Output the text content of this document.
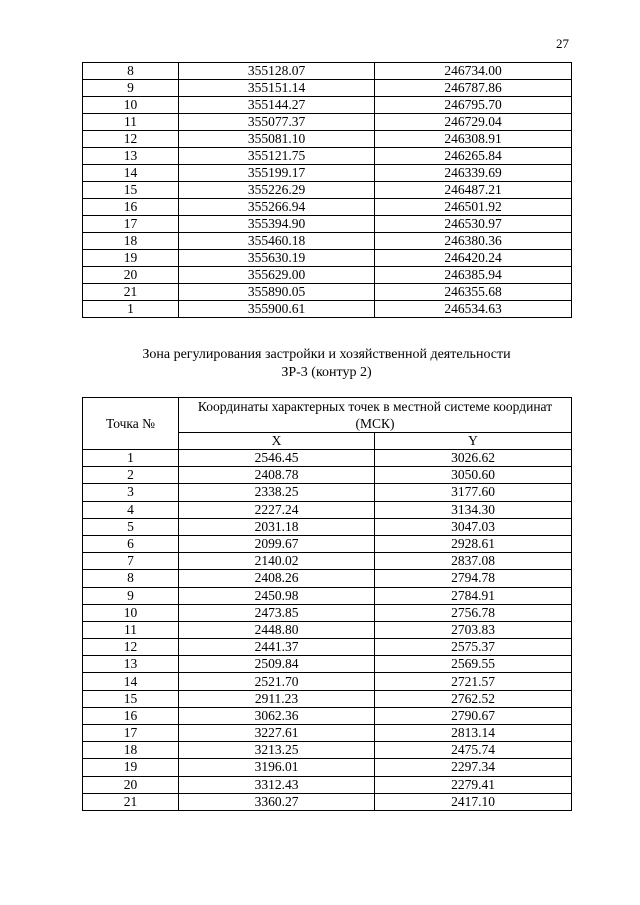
27
8	355128.07	246734.00
9	355151.14	246787.86
10	355144.27	246795.70
11	355077.37	246729.04
12	355081.10	246308.91
13	355121.75	246265.84
14	355199.17	246339.69
15	355226.29	246487.21
16	355266.94	246501.92
17	355394.90	246530.97
18	355460.18	246380.36
19	355630.19	246420.24
20	355629.00	246385.94
21	355890.05	246355.68
1	355900.61	246534.63
Зона регулирования застройки и хозяйственной деятельности
ЗР-3 (контур 2)
Точка №	Координаты характерных точек в местной системе координат (МСК)	
	X	Y
1	2546.45	3026.62
2	2408.78	3050.60
3	2338.25	3177.60
4	2227.24	3134.30
5	2031.18	3047.03
6	2099.67	2928.61
7	2140.02	2837.08
8	2408.26	2794.78
9	2450.98	2784.91
10	2473.85	2756.78
11	2448.80	2703.83
12	2441.37	2575.37
13	2509.84	2569.55
14	2521.70	2721.57
15	2911.23	2762.52
16	3062.36	2790.67
17	3227.61	2813.14
18	3213.25	2475.74
19	3196.01	2297.34
20	3312.43	2279.41
21	3360.27	2417.10
